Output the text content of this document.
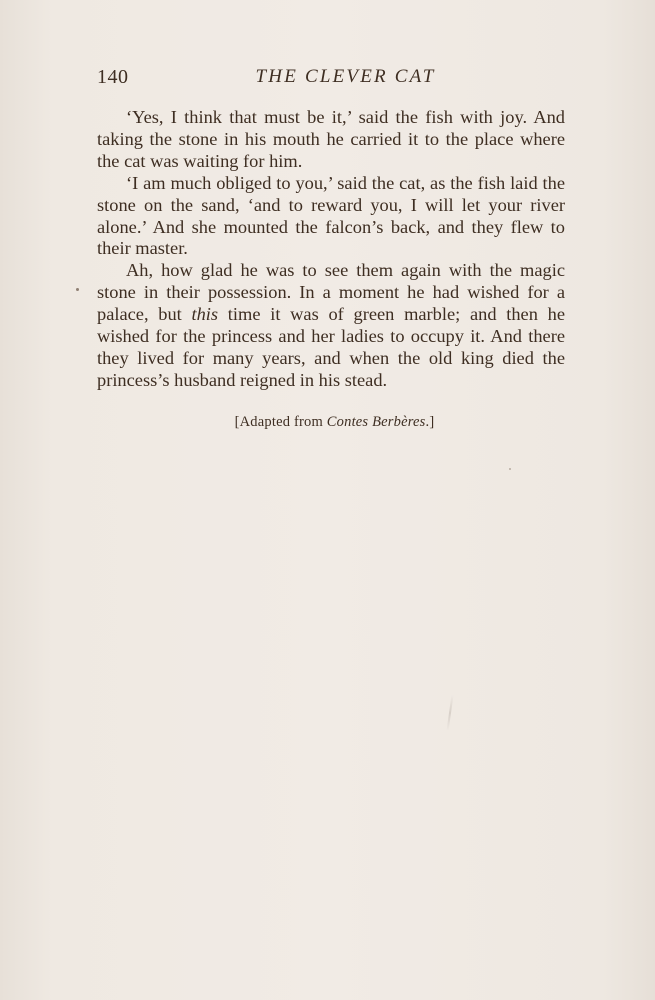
140	THE CLEVER CAT

‘Yes, I think that must be it,’ said the fish with joy. And taking the stone in his mouth he carried it to the place where the cat was waiting for him.

‘I am much obliged to you,’ said the cat, as the fish laid the stone on the sand, ‘and to reward you, I will let your river alone.’ And she mounted the falcon’s back, and they flew to their master.

Ah, how glad he was to see them again with the magic stone in their possession. In a moment he had wished for a palace, but this time it was of green marble; and then he wished for the princess and her ladies to occupy it. And there they lived for many years, and when the old king died the princess’s husband reigned in his stead.

[Adapted from Contes Berbères.]
